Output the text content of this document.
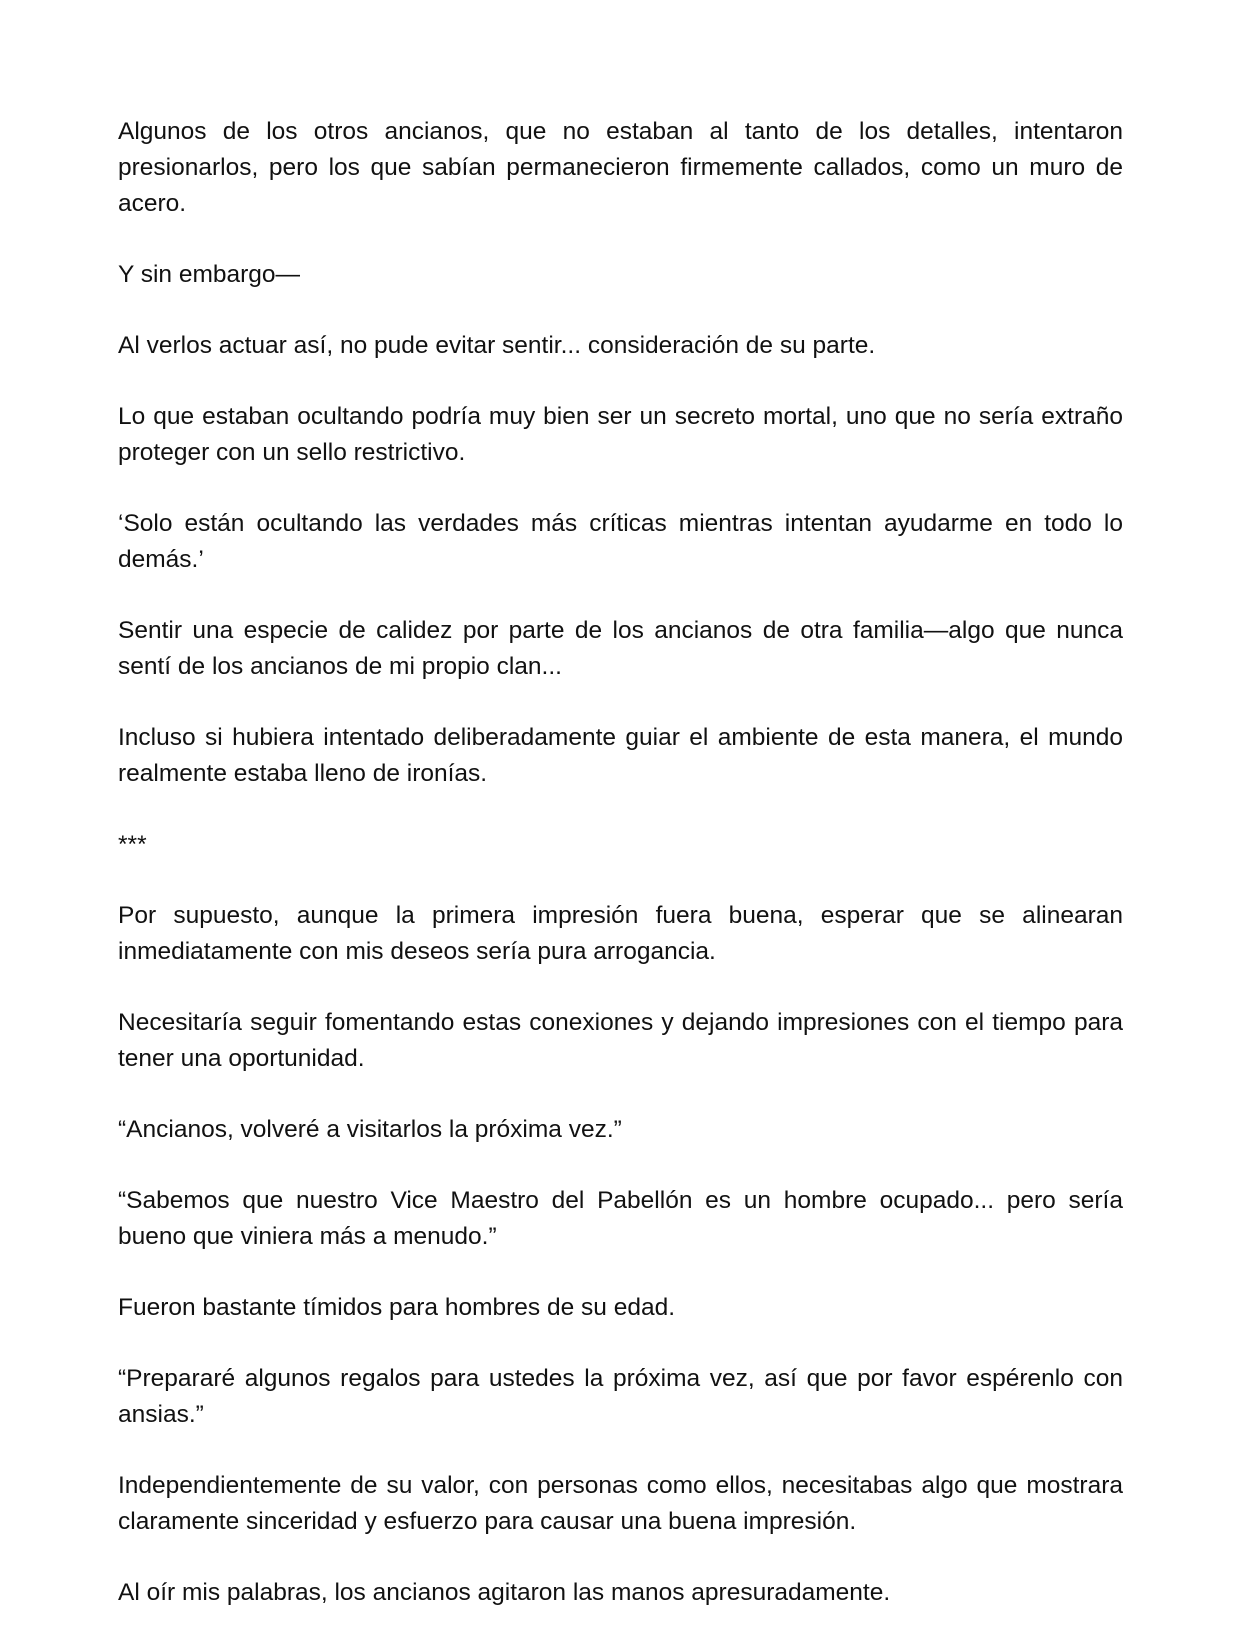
Algunos de los otros ancianos, que no estaban al tanto de los detalles, intentaron presionarlos, pero los que sabían permanecieron firmemente callados, como un muro de acero.

Y sin embargo—

Al verlos actuar así, no pude evitar sentir... consideración de su parte.

Lo que estaban ocultando podría muy bien ser un secreto mortal, uno que no sería extraño proteger con un sello restrictivo.

‘Solo están ocultando las verdades más críticas mientras intentan ayudarme en todo lo demás.’

Sentir una especie de calidez por parte de los ancianos de otra familia—algo que nunca sentí de los ancianos de mi propio clan...

Incluso si hubiera intentado deliberadamente guiar el ambiente de esta manera, el mundo realmente estaba lleno de ironías.

***

Por supuesto, aunque la primera impresión fuera buena, esperar que se alinearan inmediatamente con mis deseos sería pura arrogancia.

Necesitaría seguir fomentando estas conexiones y dejando impresiones con el tiempo para tener una oportunidad.

“Ancianos, volveré a visitarlos la próxima vez.”

“Sabemos que nuestro Vice Maestro del Pabellón es un hombre ocupado... pero sería bueno que viniera más a menudo.”

Fueron bastante tímidos para hombres de su edad.

“Prepararé algunos regalos para ustedes la próxima vez, así que por favor espérenlo con ansias.”

Independientemente de su valor, con personas como ellos, necesitabas algo que mostrara claramente sinceridad y esfuerzo para causar una buena impresión.

Al oír mis palabras, los ancianos agitaron las manos apresuradamente.
